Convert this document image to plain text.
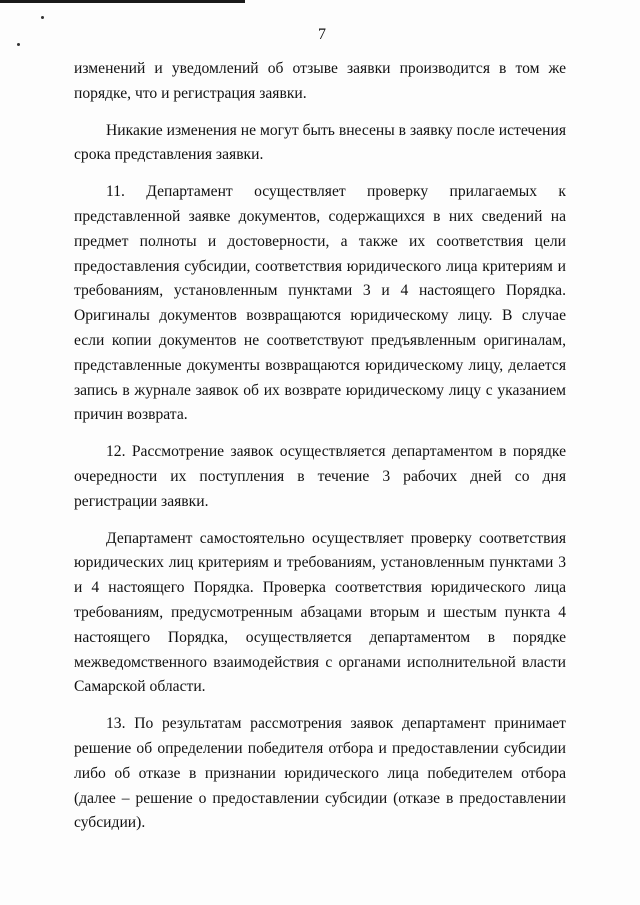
7

изменений и уведомлений об отзыве заявки производится в том же порядке, что и регистрация заявки.

Никакие изменения не могут быть внесены в заявку после истечения срока представления заявки.

11. Департамент осуществляет проверку прилагаемых к представленной заявке документов, содержащихся в них сведений на предмет полноты и достоверности, а также их соответствия цели предоставления субсидии, соответствия юридического лица критериям и требованиям, установленным пунктами 3 и 4 настоящего Порядка. Оригиналы документов возвращаются юридическому лицу. В случае если копии документов не соответствуют предъявленным оригиналам, представленные документы возвращаются юридическому лицу, делается запись в журнале заявок об их возврате юридическому лицу с указанием причин возврата.

12. Рассмотрение заявок осуществляется департаментом в порядке очередности их поступления в течение 3 рабочих дней со дня регистрации заявки.

Департамент самостоятельно осуществляет проверку соответствия юридических лиц критериям и требованиям, установленным пунктами 3 и 4 настоящего Порядка. Проверка соответствия юридического лица требованиям, предусмотренным абзацами вторым и шестым пункта 4 настоящего Порядка, осуществляется департаментом в порядке межведомственного взаимодействия с органами исполнительной власти Самарской области.

13. По результатам рассмотрения заявок департамент принимает решение об определении победителя отбора и предоставлении субсидии либо об отказе в признании юридического лица победителем отбора (далее – решение о предоставлении субсидии (отказе в предоставлении субсидии).
